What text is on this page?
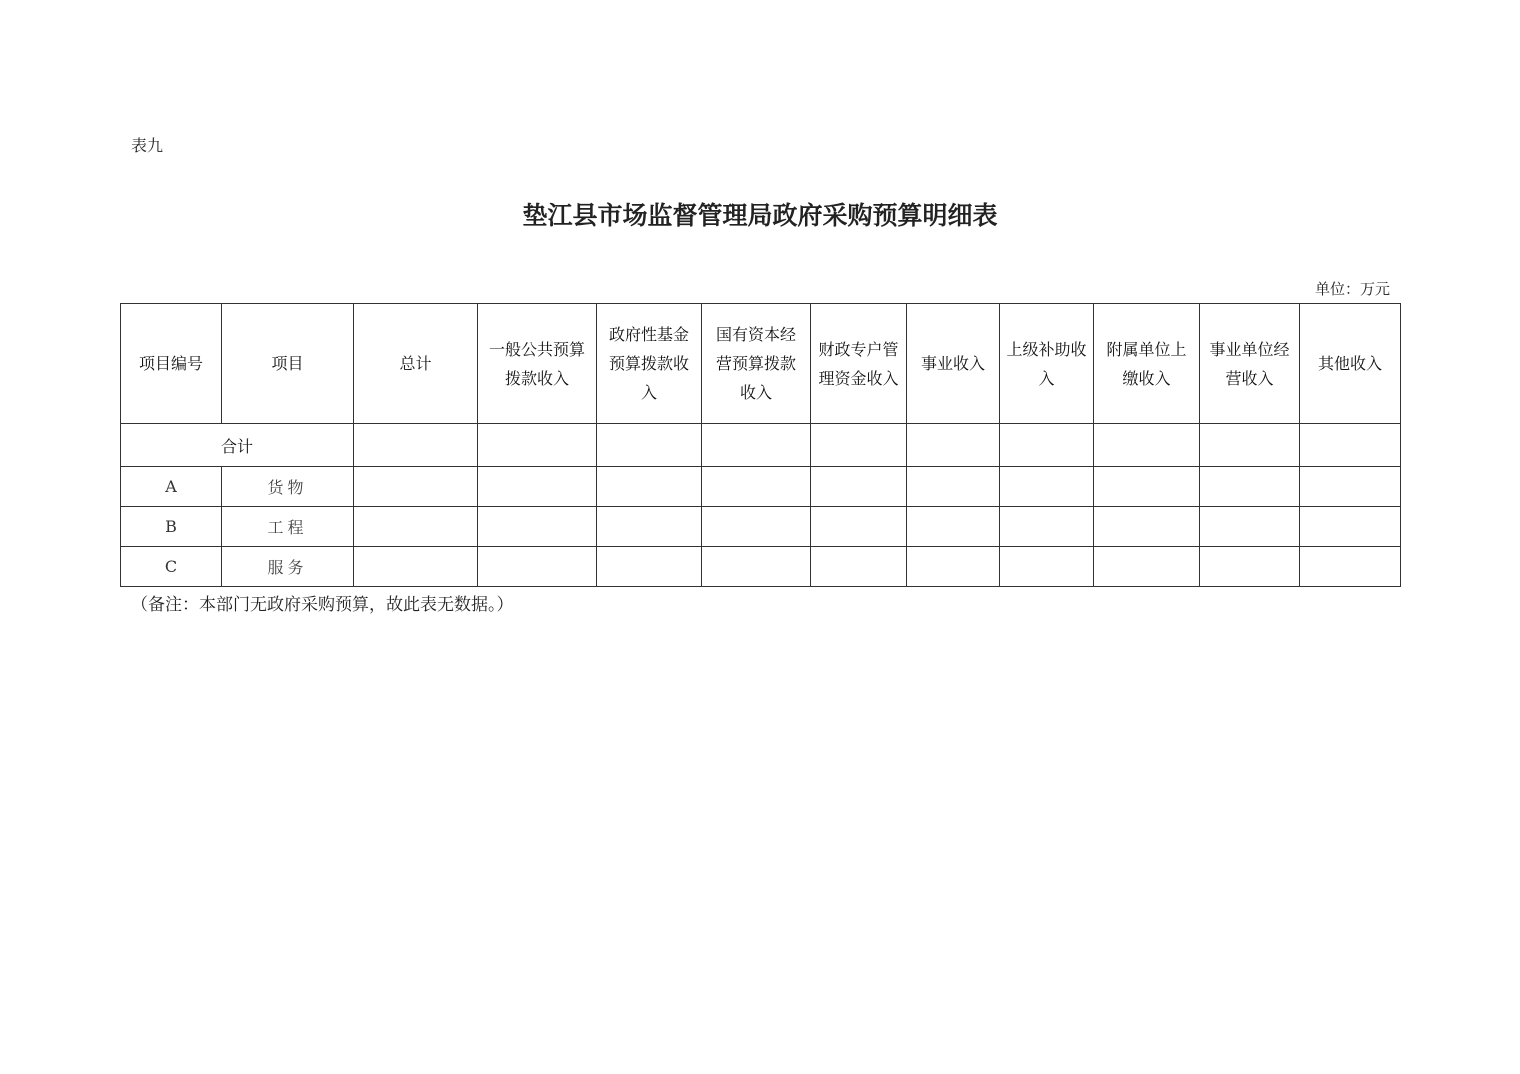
表九
垫江县市场监督管理局政府采购预算明细表
单位：万元
项目编号	项目	总计	一般公共预算拨款收入	政府性基金预算拨款收入	国有资本经营预算拨款收入	财政专户管理资金收入	事业收入	上级补助收入	附属单位上缴收入	事业单位经营收入	其他收入
合计											
A	货物										
B	工程										
C	服务										
（备注：本部门无政府采购预算，故此表无数据。）
